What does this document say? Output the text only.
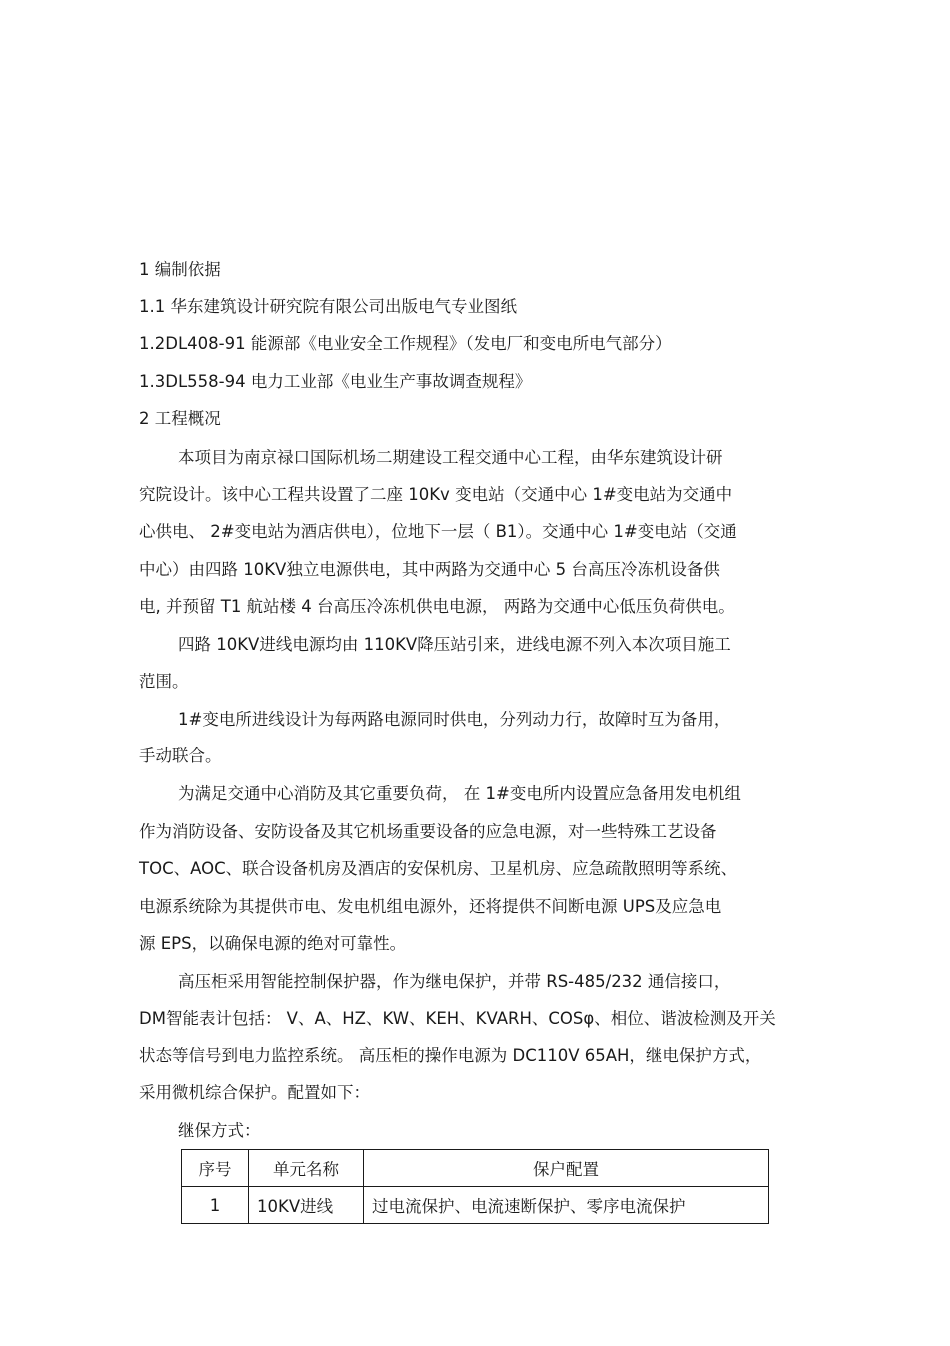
1 编制依据
1.1 华东建筑设计研究院有限公司出版电气专业图纸
1.2DL408-91 能源部《电业安全工作规程》（发电厂和变电所电气部分）
1.3DL558-94 电力工业部《电业生产事故调查规程》
2 工程概况
本项目为南京禄口国际机场二期建设工程交通中心工程，由华东建筑设计研
究院设计。该中心工程共设置了二座 10Kv 变电站（交通中心 1#变电站为交通中
心供电、 2#变电站为酒店供电），位地下一层（ B1）。交通中心 1#变电站（交通
中心）由四路 10KV独立电源供电，其中两路为交通中心 5 台高压冷冻机设备供
电, 并预留 T1 航站楼 4 台高压冷冻机供电电源， 两路为交通中心低压负荷供电。
四路 10KV进线电源均由 110KV降压站引来，进线电源不列入本次项目施工
范围。
1#变电所进线设计为每两路电源同时供电，分列动力行，故障时互为备用，
手动联合。
为满足交通中心消防及其它重要负荷， 在 1#变电所内设置应急备用发电机组
作为消防设备、安防设备及其它机场重要设备的应急电源，对一些特殊工艺设备
TOC、AOC、联合设备机房及酒店的安保机房、卫星机房、应急疏散照明等系统、
电源系统除为其提供市电、发电机组电源外，还将提供不间断电源 UPS及应急电
源 EPS，以确保电源的绝对可靠性。
高压柜采用智能控制保护器，作为继电保护，并带 RS-485/232 通信接口，
DM智能表计包括： V、A、HZ、KW、KEH、KVARH、COSφ、相位、谐波检测及开关
状态等信号到电力监控系统。 高压柜的操作电源为 DC110V 65AH，继电保护方式，
采用微机综合保护。配置如下：
继保方式：
序号	单元名称	保户配置
1	10KV进线	过电流保护、电流速断保护、零序电流保护
